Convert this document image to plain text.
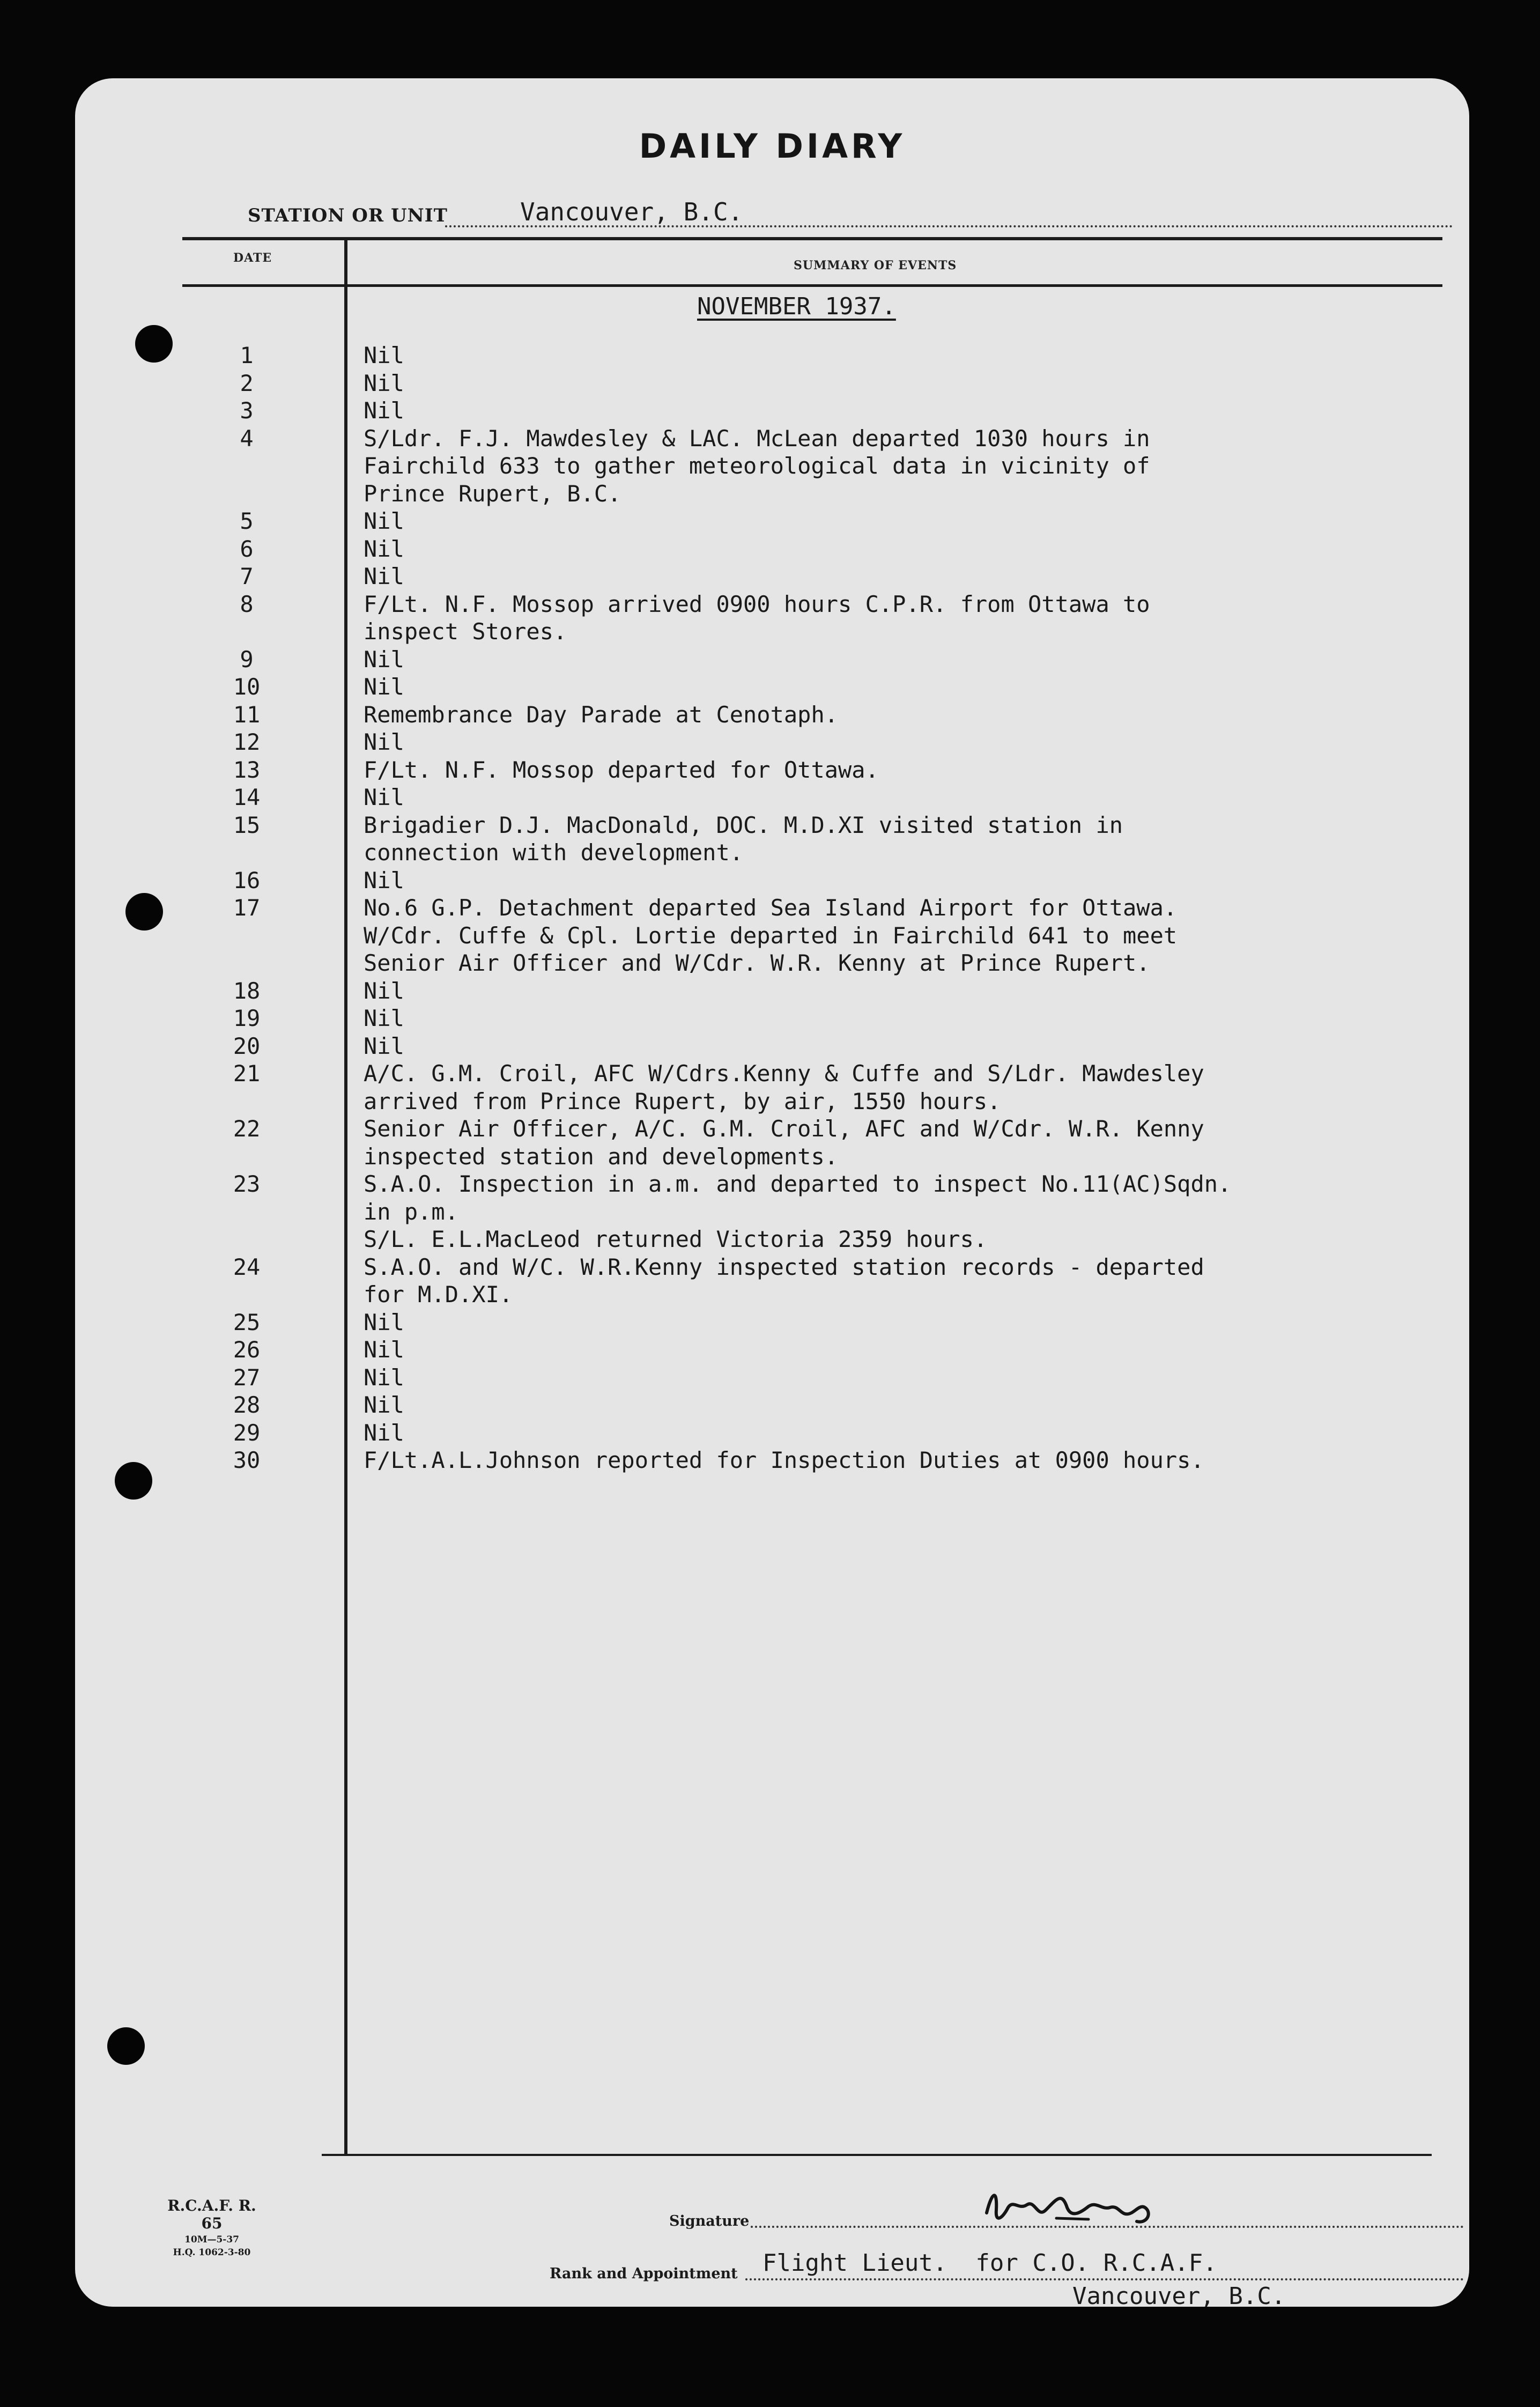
DAILY DIARY
STATION OR UNIT	Vancouver, B.C.
DATE
SUMMARY OF EVENTS
NOVEMBER 1937.
1	Nil
2	Nil
3	Nil
4	S/Ldr. F.J. Mawdesley & LAC. McLean departed 1030 hours in
Fairchild 633 to gather meteorological data in vicinity of
Prince Rupert, B.C.
5	Nil
6	Nil
7	Nil
8	F/Lt. N.F. Mossop arrived 0900 hours C.P.R. from Ottawa to
inspect Stores.
9	Nil
10	Nil
11	Remembrance Day Parade at Cenotaph.
12	Nil
13	F/Lt. N.F. Mossop departed for Ottawa.
14	Nil
15	Brigadier D.J. MacDonald, DOC. M.D.XI visited station in
connection with development.
16	Nil
17	No.6 G.P. Detachment departed Sea Island Airport for Ottawa.
W/Cdr. Cuffe & Cpl. Lortie departed in Fairchild 641 to meet
Senior Air Officer and W/Cdr. W.R. Kenny at Prince Rupert.
18	Nil
19	Nil
20	Nil
21	A/C. G.M. Croil, AFC W/Cdrs.Kenny & Cuffe and S/Ldr. Mawdesley
arrived from Prince Rupert, by air, 1550 hours.
22	Senior Air Officer, A/C. G.M. Croil, AFC and W/Cdr. W.R. Kenny
inspected station and developments.
23	S.A.O. Inspection in a.m. and departed to inspect No.11(AC)Sqdn.
in p.m.
S/L. E.L.MacLeod returned Victoria 2359 hours.
24	S.A.O. and W/C. W.R.Kenny inspected station records - departed
for M.D.XI.
25	Nil
26	Nil
27	Nil
28	Nil
29	Nil
30	F/Lt.A.L.Johnson reported for Inspection Duties at 0900 hours.
R.C.A.F. R. 65
10M—5-37
H.Q. 1062-3-80
Signature
Rank and Appointment Flight Lieut.  for C.O. R.C.A.F.
Vancouver, B.C.
